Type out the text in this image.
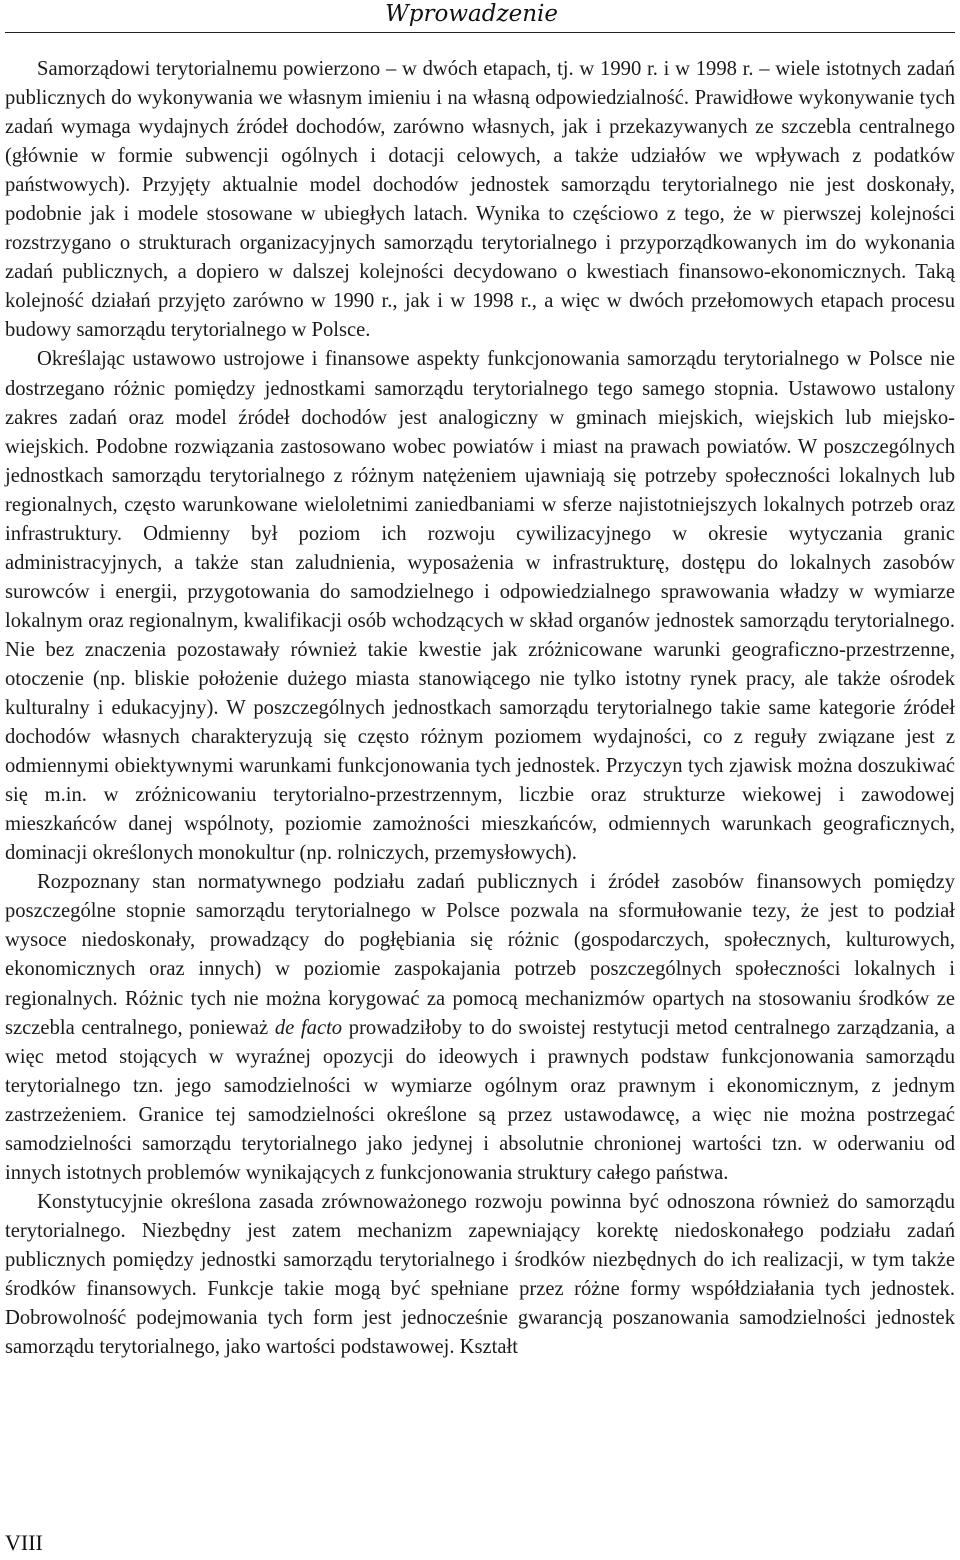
Wprowadzenie

Samorządowi terytorialnemu powierzono – w dwóch etapach, tj. w 1990 r. i w 1998 r. – wiele istotnych zadań publicznych do wykonywania we własnym imieniu i na własną odpowiedzialność. Prawidłowe wykonywanie tych zadań wymaga wydajnych źródeł dochodów, zarówno własnych, jak i przekazywanych ze szczebla centralnego (głównie w formie subwencji ogólnych i dotacji celowych, a także udziałów we wpływach z podatków państwowych). Przyjęty aktualnie model dochodów jednostek samorządu terytorialnego nie jest doskonały, podobnie jak i modele stosowane w ubiegłych latach. Wynika to częściowo z tego, że w pierwszej kolejności rozstrzygano o strukturach organizacyjnych samorządu terytorialnego i przyporządkowanych im do wykonania zadań publicznych, a dopiero w dalszej kolejności decydowano o kwestiach finansowo-ekonomicznych. Taką kolejność działań przyjęto zarówno w 1990 r., jak i w 1998 r., a więc w dwóch przełomowych etapach procesu budowy samorządu terytorialnego w Polsce.

Określając ustawowo ustrojowe i finansowe aspekty funkcjonowania samorządu terytorialnego w Polsce nie dostrzegano różnic pomiędzy jednostkami samorządu terytorialnego tego samego stopnia. Ustawowo ustalony zakres zadań oraz model źródeł dochodów jest analogiczny w gminach miejskich, wiejskich lub miejsko-wiejskich. Podobne rozwiązania zastosowano wobec powiatów i miast na prawach powiatów. W poszczególnych jednostkach samorządu terytorialnego z różnym natężeniem ujawniają się potrzeby społeczności lokalnych lub regionalnych, często warunkowane wieloletnimi zaniedbaniami w sferze najistotniejszych lokalnych potrzeb oraz infrastruktury. Odmienny był poziom ich rozwoju cywilizacyjnego w okresie wytyczania granic administracyjnych, a także stan zaludnienia, wyposażenia w infrastrukturę, dostępu do lokalnych zasobów surowców i energii, przygotowania do samodzielnego i odpowiedzialnego sprawowania władzy w wymiarze lokalnym oraz regionalnym, kwalifikacji osób wchodzących w skład organów jednostek samorządu terytorialnego. Nie bez znaczenia pozostawały również takie kwestie jak zróżnicowane warunki geograficzno-przestrzenne, otoczenie (np. bliskie położenie dużego miasta stanowiącego nie tylko istotny rynek pracy, ale także ośrodek kulturalny i edukacyjny). W poszczególnych jednostkach samorządu terytorialnego takie same kategorie źródeł dochodów własnych charakteryzują się często różnym poziomem wydajności, co z reguły związane jest z odmiennymi obiektywnymi warunkami funkcjonowania tych jednostek. Przyczyn tych zjawisk można doszukiwać się m.in. w zróżnicowaniu terytorialno-przestrzennym, liczbie oraz strukturze wiekowej i zawodowej mieszkańców danej wspólnoty, poziomie zamożności mieszkańców, odmiennych warunkach geograficznych, dominacji określonych monokultur (np. rolniczych, przemysłowych).

Rozpoznany stan normatywnego podziału zadań publicznych i źródeł zasobów finansowych pomiędzy poszczególne stopnie samorządu terytorialnego w Polsce pozwala na sformułowanie tezy, że jest to podział wysoce niedoskonały, prowadzący do pogłębiania się różnic (gospodarczych, społecznych, kulturowych, ekonomicznych oraz innych) w poziomie zaspokajania potrzeb poszczególnych społeczności lokalnych i regionalnych. Różnic tych nie można korygować za pomocą mechanizmów opartych na stosowaniu środków ze szczebla centralnego, ponieważ de facto prowadziłoby to do swoistej restytucji metod centralnego zarządzania, a więc metod stojących w wyraźnej opozycji do ideowych i prawnych podstaw funkcjonowania samorządu terytorialnego tzn. jego samodzielności w wymiarze ogólnym oraz prawnym i ekonomicznym, z jednym zastrzeżeniem. Granice tej samodzielności określone są przez ustawodawcę, a więc nie można postrzegać samodzielności samorządu terytorialnego jako jedynej i absolutnie chronionej wartości tzn. w oderwaniu od innych istotnych problemów wynikających z funkcjonowania struktury całego państwa.

Konstytucyjnie określona zasada zrównoważonego rozwoju powinna być odnoszona również do samorządu terytorialnego. Niezbędny jest zatem mechanizm zapewniający korektę niedoskonałego podziału zadań publicznych pomiędzy jednostki samorządu terytorialnego i środków niezbędnych do ich realizacji, w tym także środków finansowych. Funkcje takie mogą być spełniane przez różne formy współdziałania tych jednostek. Dobrowolność podejmowania tych form jest jednocześnie gwarancją poszanowania samodzielności jednostek samorządu terytorialnego, jako wartości podstawowej. Kształt

VIII
